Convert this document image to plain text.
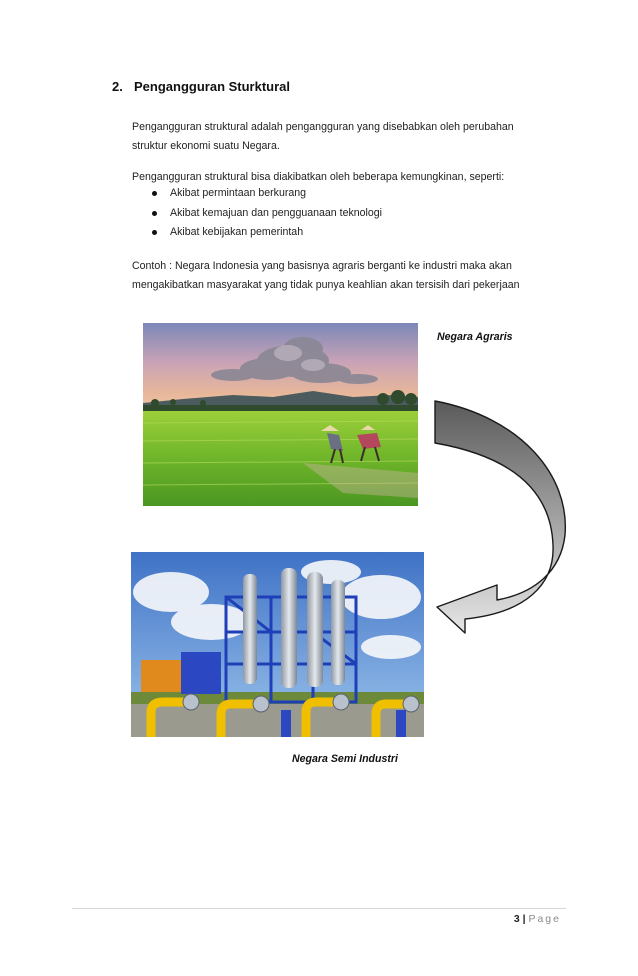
2. Pengangguran Sturktural
Pengangguran struktural adalah pengangguran yang disebabkan oleh perubahan
struktur ekonomi suatu Negara.
Pengangguran struktural bisa diakibatkan oleh beberapa kemungkinan, seperti:
Akibat permintaan berkurang
Akibat kemajuan dan pengguanaan teknologi
Akibat kebijakan pemerintah
Contoh : Negara Indonesia yang basisnya agraris berganti ke industri maka akan
mengakibatkan masyarakat yang tidak punya keahlian akan tersisih dari pekerjaan
Negara Agraris
Negara Semi Industri
3 | Page
